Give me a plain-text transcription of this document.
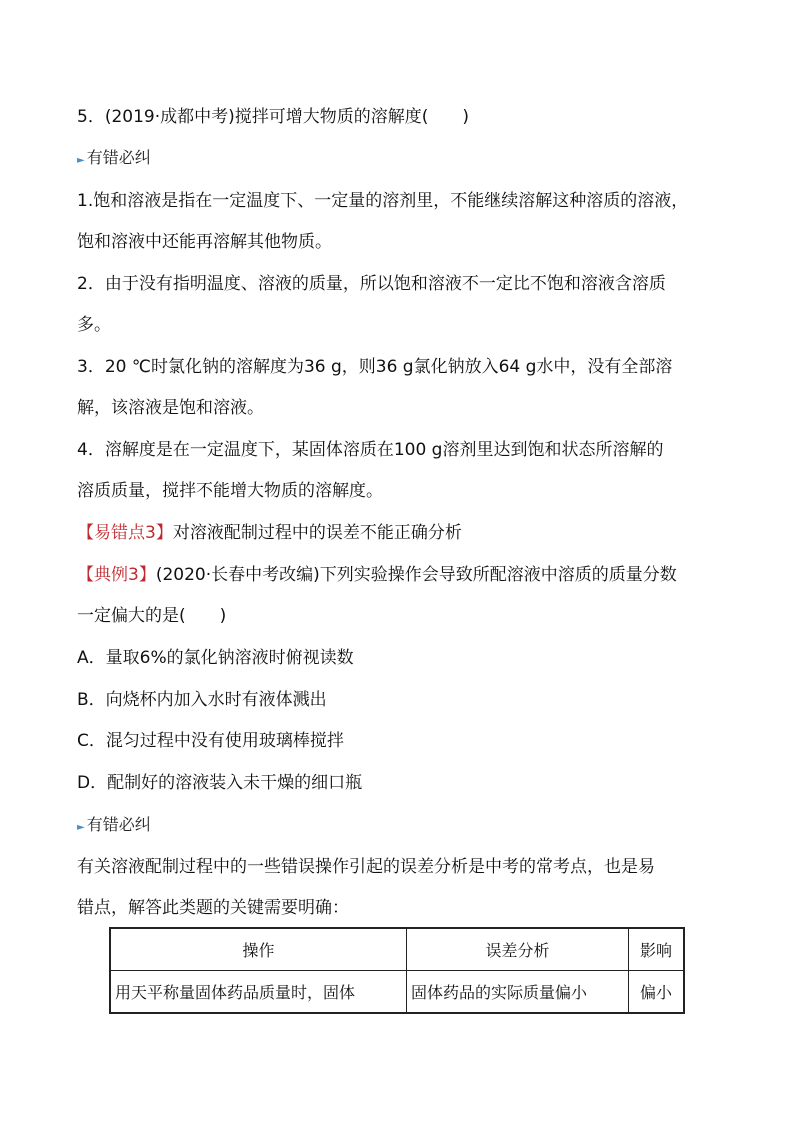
5．(2019·成都中考)搅拌可增大物质的溶解度(　　)
► 有错必纠
1.饱和溶液是指在一定温度下、一定量的溶剂里，不能继续溶解这种溶质的溶液，
饱和溶液中还能再溶解其他物质。
2．由于没有指明温度、溶液的质量，所以饱和溶液不一定比不饱和溶液含溶质
多。
3．20 ℃时氯化钠的溶解度为36 g，则36 g氯化钠放入64 g水中，没有全部溶
解，该溶液是饱和溶液。
4．溶解度是在一定温度下，某固体溶质在100 g溶剂里达到饱和状态所溶解的
溶质质量，搅拌不能增大物质的溶解度。
【易错点3】对溶液配制过程中的误差不能正确分析
【典例3】(2020·长春中考改编)下列实验操作会导致所配溶液中溶质的质量分数
一定偏大的是(　　)
A．量取6%的氯化钠溶液时俯视读数
B．向烧杯内加入水时有液体溅出
C．混匀过程中没有使用玻璃棒搅拌
D．配制好的溶液装入未干燥的细口瓶
► 有错必纠
有关溶液配制过程中的一些错误操作引起的误差分析是中考的常考点，也是易
错点，解答此类题的关键需要明确：
操作	误差分析	影响
用天平称量固体药品质量时，固体	固体药品的实际质量偏小	偏小
